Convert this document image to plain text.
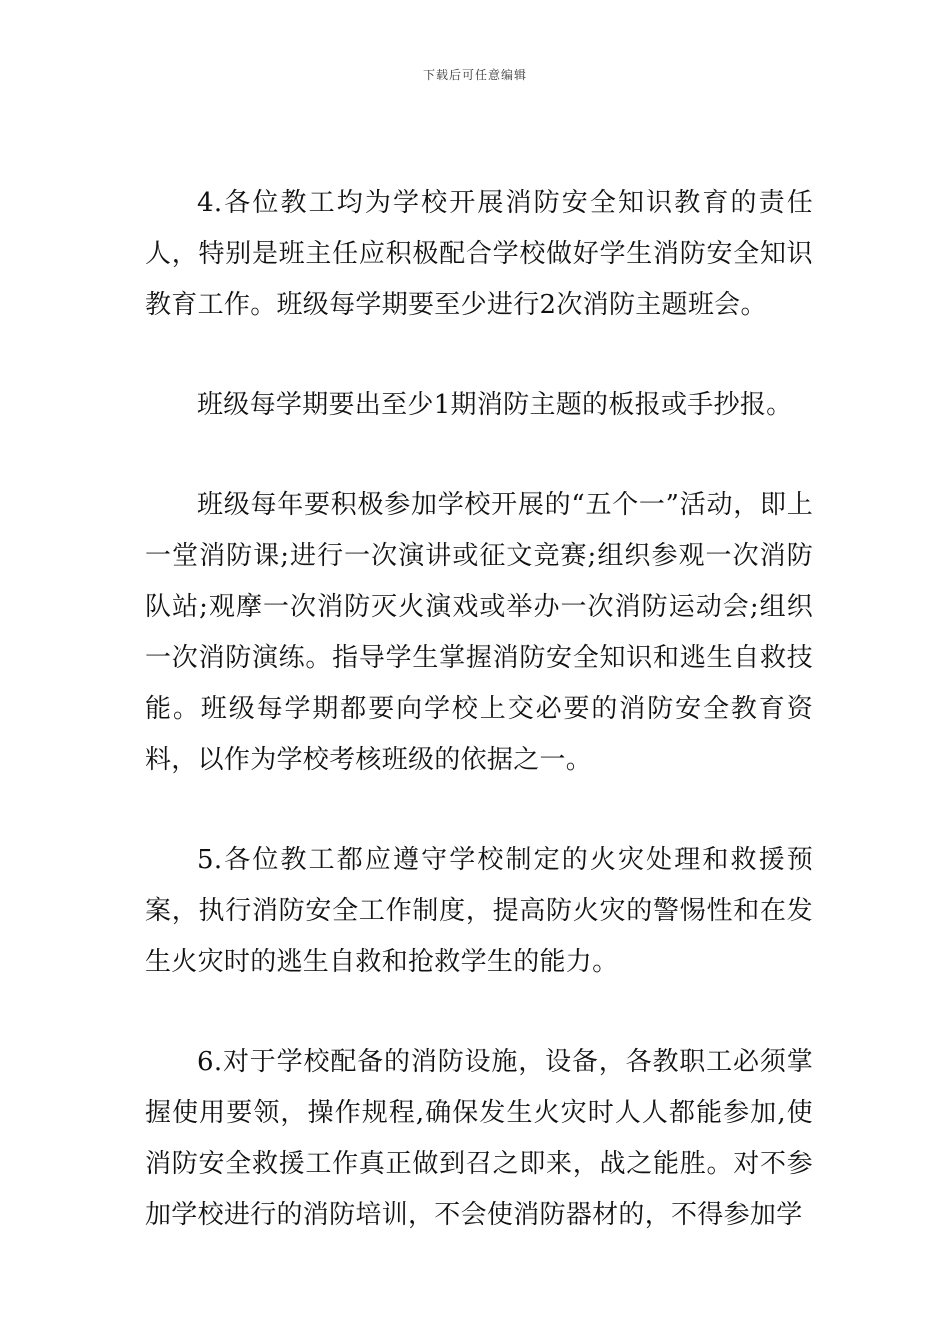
下载后可任意编辑

4.各位教工均为学校开展消防安全知识教育的责任人，特别是班主任应积极配合学校做好学生消防安全知识教育工作。班级每学期要至少进行2次消防主题班会。

班级每学期要出至少1期消防主题的板报或手抄报。

班级每年要积极参加学校开展的“五个一”活动，即上一堂消防课;进行一次演讲或征文竞赛;组织参观一次消防队站;观摩一次消防灭火演戏或举办一次消防运动会;组织一次消防演练。指导学生掌握消防安全知识和逃生自救技能。班级每学期都要向学校上交必要的消防安全教育资料，以作为学校考核班级的依据之一。

5.各位教工都应遵守学校制定的火灾处理和救援预案，执行消防安全工作制度，提高防火灾的警惕性和在发生火灾时的逃生自救和抢救学生的能力。

6.对于学校配备的消防设施，设备，各教职工必须掌握使用要领，操作规程,确保发生火灾时人人都能参加,使消防安全救援工作真正做到召之即来，战之能胜。对不参加学校进行的消防培训，不会使消防器材的，不得参加学
